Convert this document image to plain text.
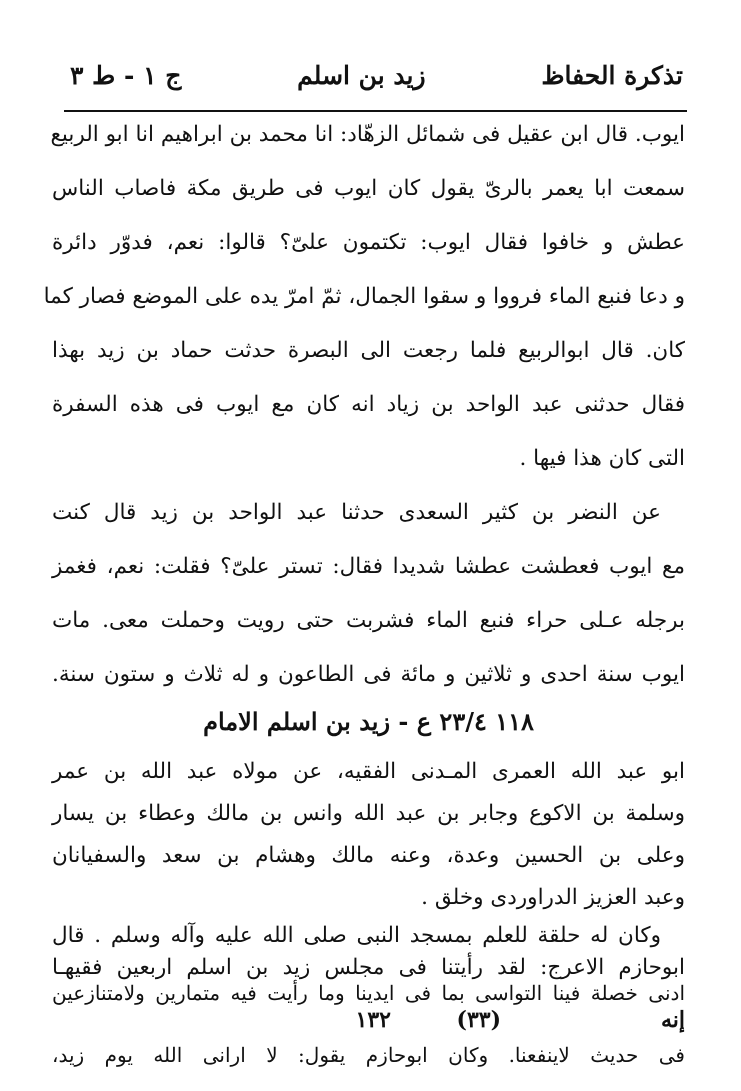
تذكرة الحفاظ
زيد بن اسلم
ج ١ - ط ٣
ايوب. قال ابن عقيل فى شمائل الزهّاد: انا محمد بن ابراهيم انا ابو الربيع
سمعت ابا يعمر بالرىّ يقول كان ايوب فى طريق مكة فاصاب الناس
عطش و خافوا فقال ايوب: تكتمون علىّ؟ قالوا: نعم، فدوّر دائرة
و دعا فنبع الماء فرووا و سقوا الجمال، ثمّ امرّ يده على الموضع فصار كما
كان. قال ابوالربيع فلما رجعت الى البصرة حدثت حماد بن زيد بهذا
فقال حدثنى عبد الواحد بن زياد انه كان مع ايوب فى هذه السفرة
التى كان هذا فيها .
عن النضر بن كثير السعدى حدثنا عبد الواحد بن زيد قال كنت
مع ايوب فعطشت عطشا شديدا فقال: تستر علىّ؟ فقلت: نعم، فغمز
برجله عـلى حراء فنبع الماء فشربت حتى رويت وحملت معى. مات
ايوب سنة احدى و ثلاثين و مائة فى الطاعون و له ثلاث و ستون سنة.
١١٨ ٢٣/٤ ع - زيد بن اسلم الامام
ابو عبد الله العمرى المـدنى الفقيه، عن مولاه عبد الله بن عمر
وسلمة بن الاكوع وجابر بن عبد الله وانس بن مالك وعطاء بن يسار
وعلى بن الحسين وعدة، وعنه مالك وهشام بن سعد والسفيانان
وعبد العزيز الدراوردى وخلق .
وكان له حلقة للعلم بمسجد النبى صلى الله عليه وآله وسلم . قال
ابوحازم الاعرج: لقد رأيتنا فى مجلس زيد بن اسلم اربعين فقيهـا
إنه
(٣٣)
١٣٢
ادنى خصلة فينا التواسى بما فى ايدينا وما رأيت فيه متمارين ولامتنازعين
فى حديث لاينفعنا. وكان ابوحازم يقول: لا ارانى الله يوم زيد،
